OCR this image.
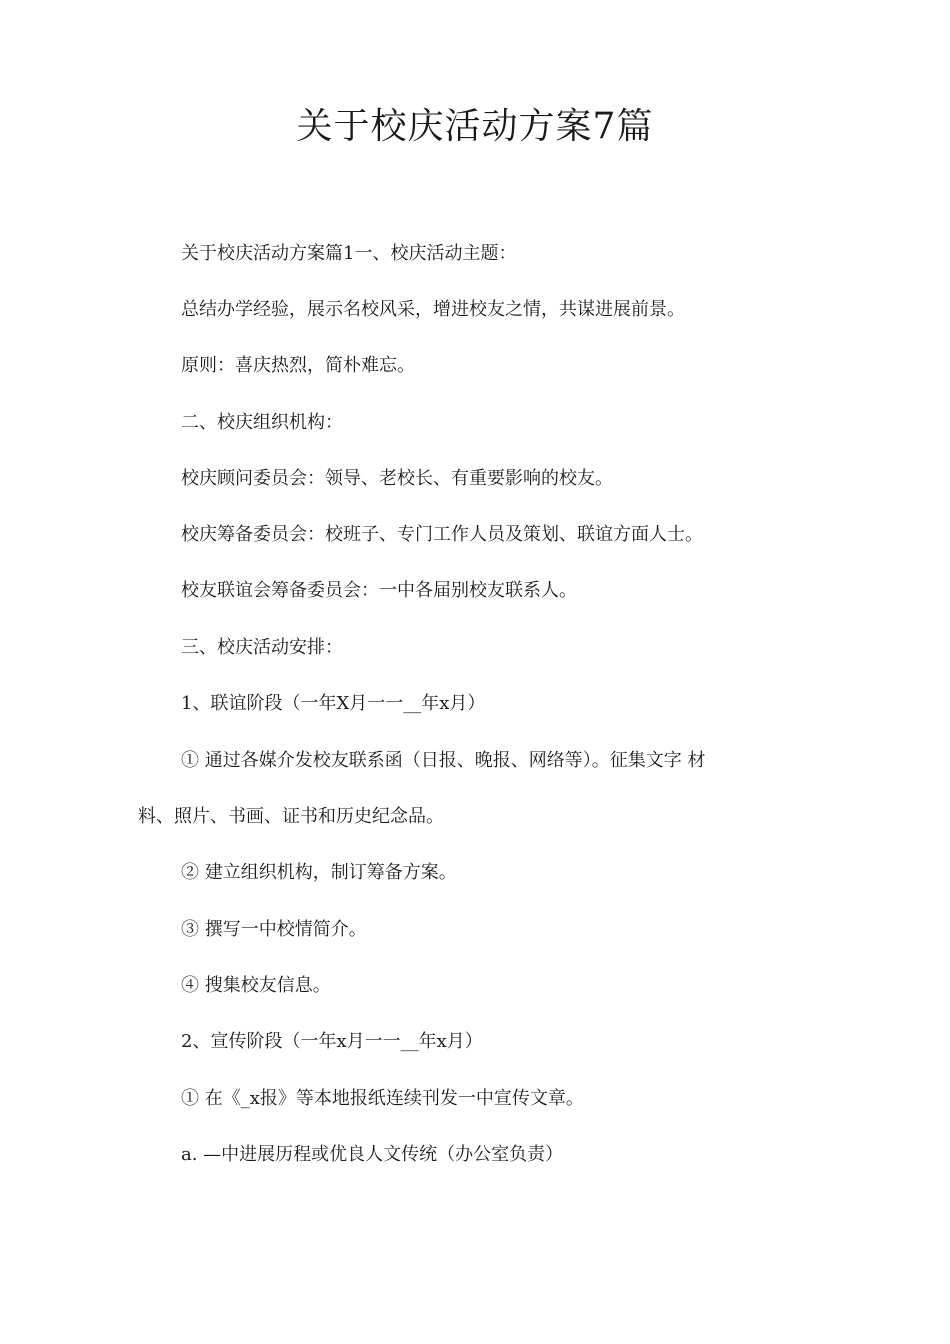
关于校庆活动方案7篇
关于校庆活动方案篇1一、校庆活动主题：
总结办学经验，展示名校风采，增进校友之情，共谋进展前景。
原则：喜庆热烈，简朴难忘。
二、校庆组织机构：
校庆顾问委员会：领导、老校长、有重要影响的校友。
校庆筹备委员会：校班子、专门工作人员及策划、联谊方面人士。
校友联谊会筹备委员会：一中各届别校友联系人。
三、校庆活动安排：
1、联谊阶段（一年X月一一__年x月）
① 通过各媒介发校友联系函（日报、晚报、网络等）。征集文字 材
料、照片、书画、证书和历史纪念品。
② 建立组织机构，制订筹备方案。
③ 撰写一中校情简介。
④ 搜集校友信息。
2、宣传阶段（一年x月一一__年x月）
① 在《_x报》等本地报纸连续刊发一中宣传文章。
a. —中进展历程或优良人文传统（办公室负责）
